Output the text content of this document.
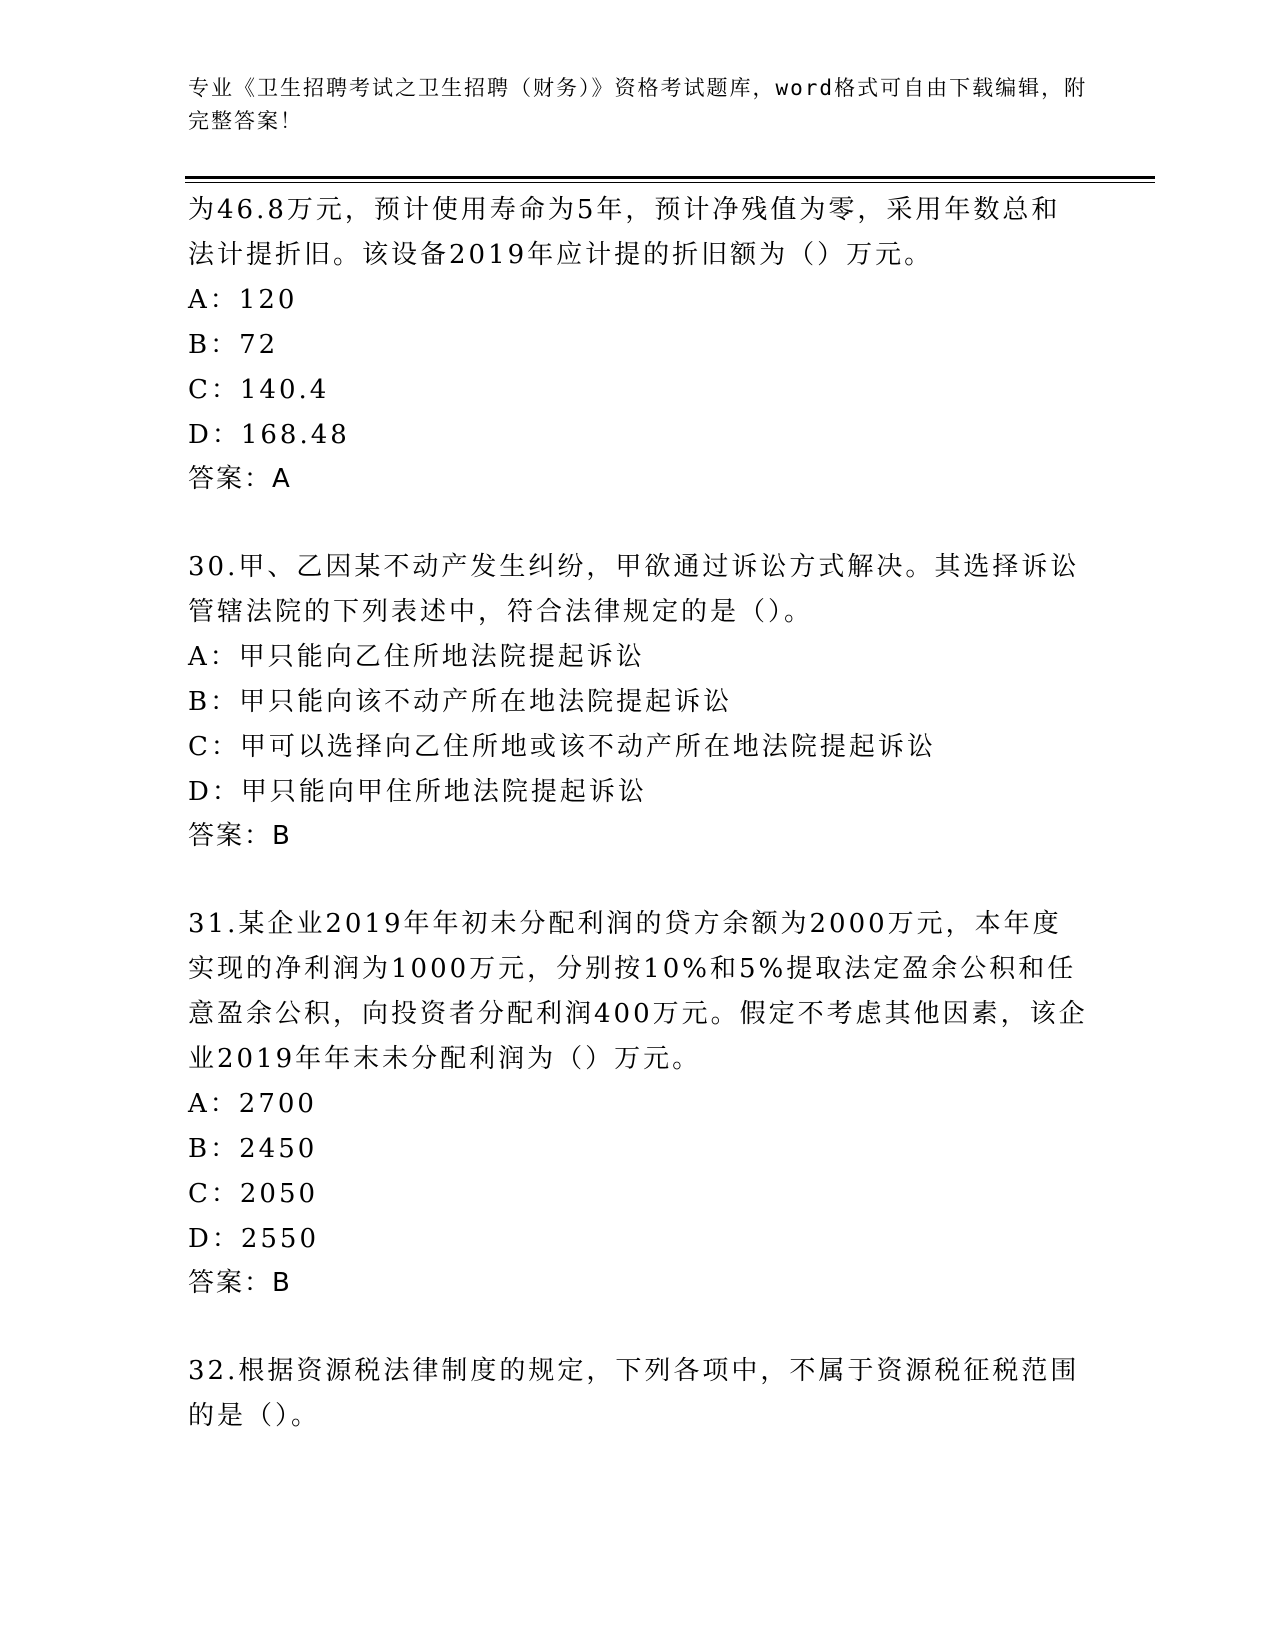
专业《卫生招聘考试之卫生招聘（财务）》资格考试题库，word格式可自由下载编辑，附完整答案！

为46.8万元，预计使用寿命为5年，预计净残值为零，采用年数总和法计提折旧。该设备2019年应计提的折旧额为（）万元。

A：120

B：72

C：140.4

D：168.48

答案：A

30.甲、乙因某不动产发生纠纷，甲欲通过诉讼方式解决。其选择诉讼管辖法院的下列表述中，符合法律规定的是（）。

A：甲只能向乙住所地法院提起诉讼

B：甲只能向该不动产所在地法院提起诉讼

C：甲可以选择向乙住所地或该不动产所在地法院提起诉讼

D：甲只能向甲住所地法院提起诉讼

答案：B

31.某企业2019年年初未分配利润的贷方余额为2000万元，本年度实现的净利润为1000万元，分别按10%和5%提取法定盈余公积和任意盈余公积，向投资者分配利润400万元。假定不考虑其他因素，该企业2019年年末未分配利润为（）万元。

A：2700

B：2450

C：2050

D：2550

答案：B

32.根据资源税法律制度的规定，下列各项中，不属于资源税征税范围的是（）。
